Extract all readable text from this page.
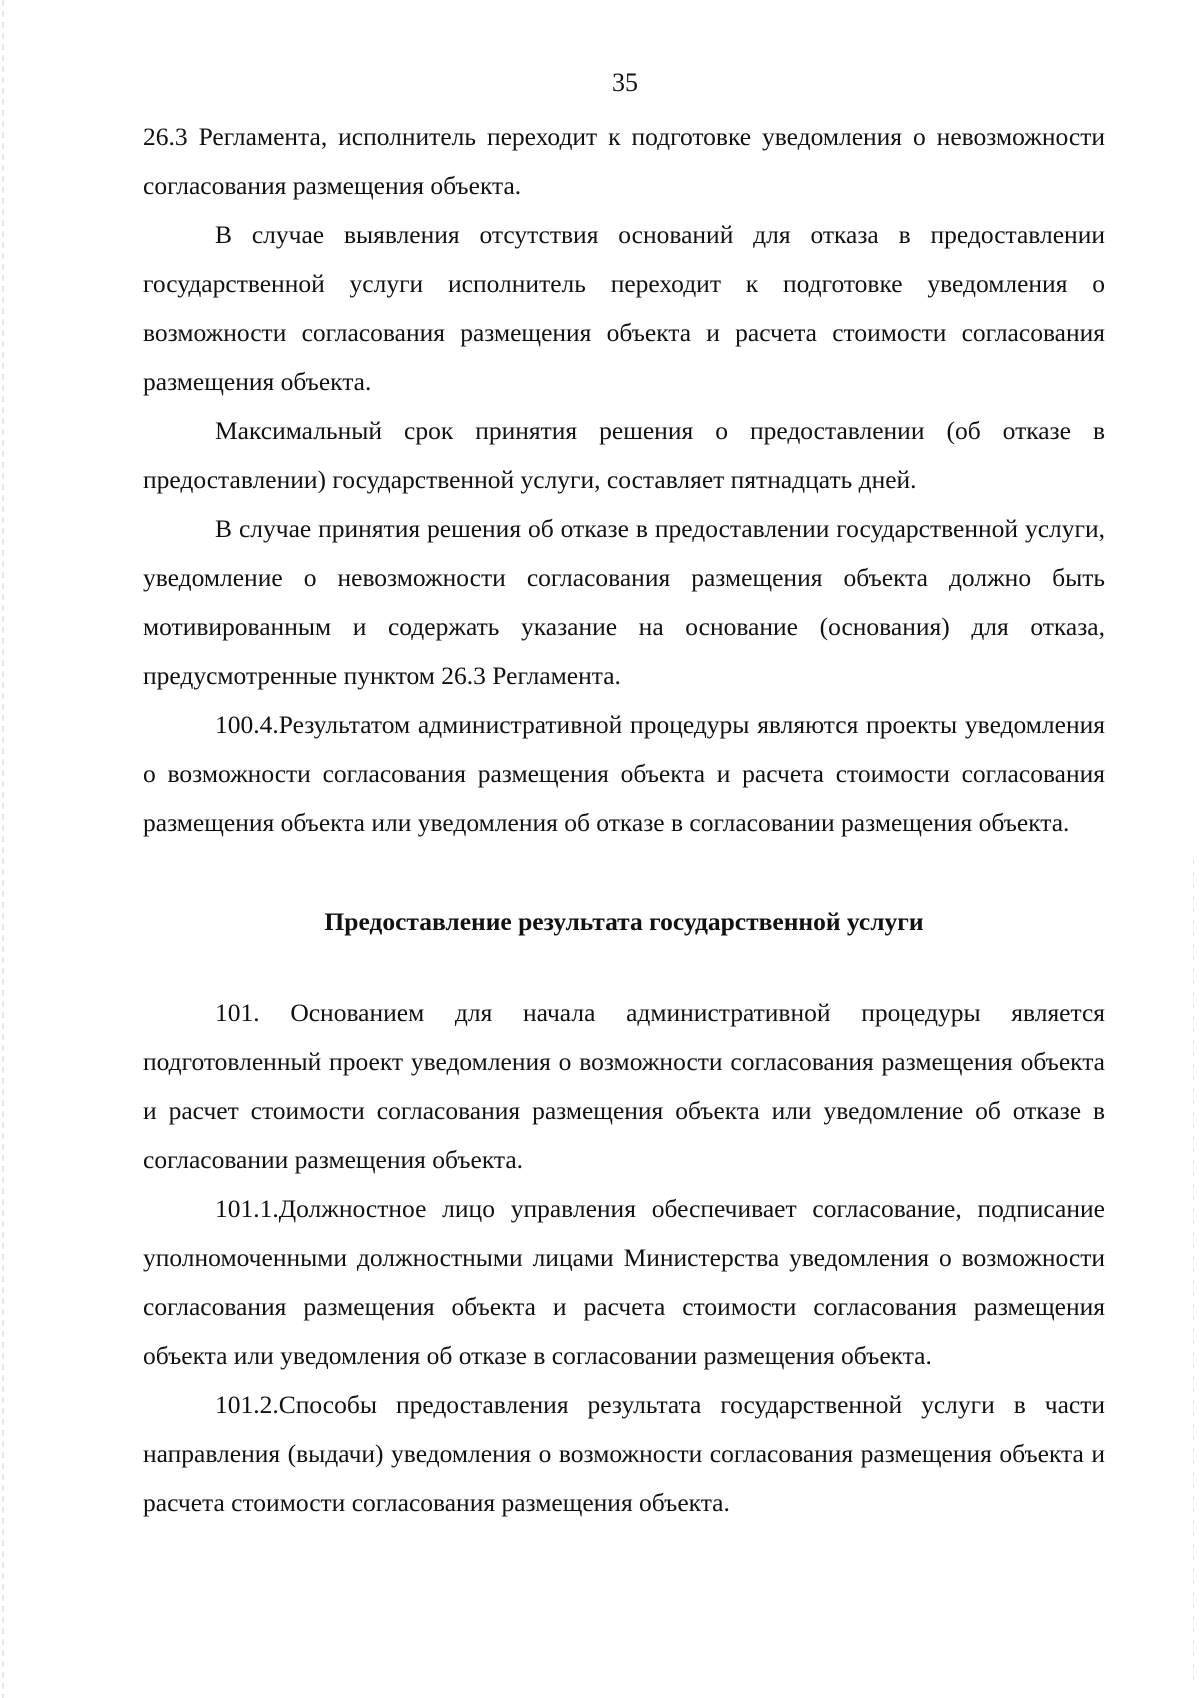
35

26.3 Регламента, исполнитель переходит к подготовке уведомления о невозможности согласования размещения объекта.

В случае выявления отсутствия оснований для отказа в предоставлении государственной услуги исполнитель переходит к подготовке уведомления о возможности согласования размещения объекта и расчета стоимости согласования размещения объекта.

Максимальный срок принятия решения о предоставлении (об отказе в предоставлении) государственной услуги, составляет пятнадцать дней.

В случае принятия решения об отказе в предоставлении государственной услуги, уведомление о невозможности согласования размещения объекта должно быть мотивированным и содержать указание на основание (основания) для отказа, предусмотренные пунктом 26.3 Регламента.

100.4.Результатом административной процедуры являются проекты уведомления о возможности согласования размещения объекта и расчета стоимости согласования размещения объекта или уведомления об отказе в согласовании размещения объекта.

Предоставление результата государственной услуги

101. Основанием для начала административной процедуры является подготовленный проект уведомления о возможности согласования размещения объекта и расчет стоимости согласования размещения объекта или уведомление об отказе в согласовании размещения объекта.

101.1.Должностное лицо управления обеспечивает согласование, подписание уполномоченными должностными лицами Министерства уведомления о возможности согласования размещения объекта и расчета стоимости согласования размещения объекта или уведомления об отказе в согласовании размещения объекта.

101.2.Способы предоставления результата государственной услуги в части направления (выдачи) уведомления о возможности согласования размещения объекта и расчета стоимости согласования размещения объекта.
